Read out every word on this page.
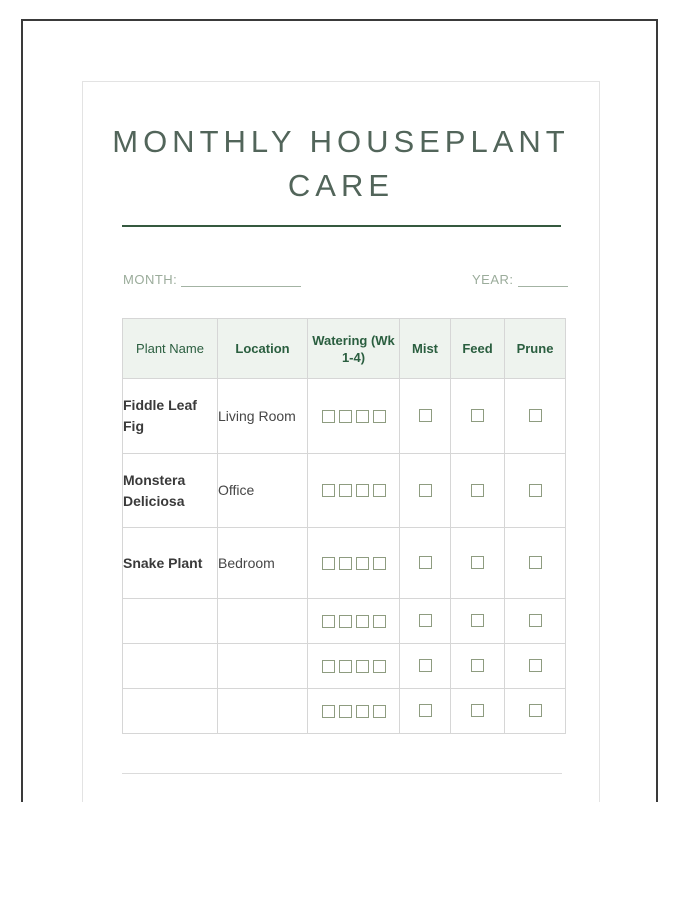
MONTHLY HOUSEPLANT
CARE
MONTH:	YEAR:
Plant Name	Location	Watering (Wk 1-4)	Mist	Feed	Prune
Fiddle Leaf Fig	Living Room	

Monstera Deliciosa	Office	

Snake Plant	Bedroom	
